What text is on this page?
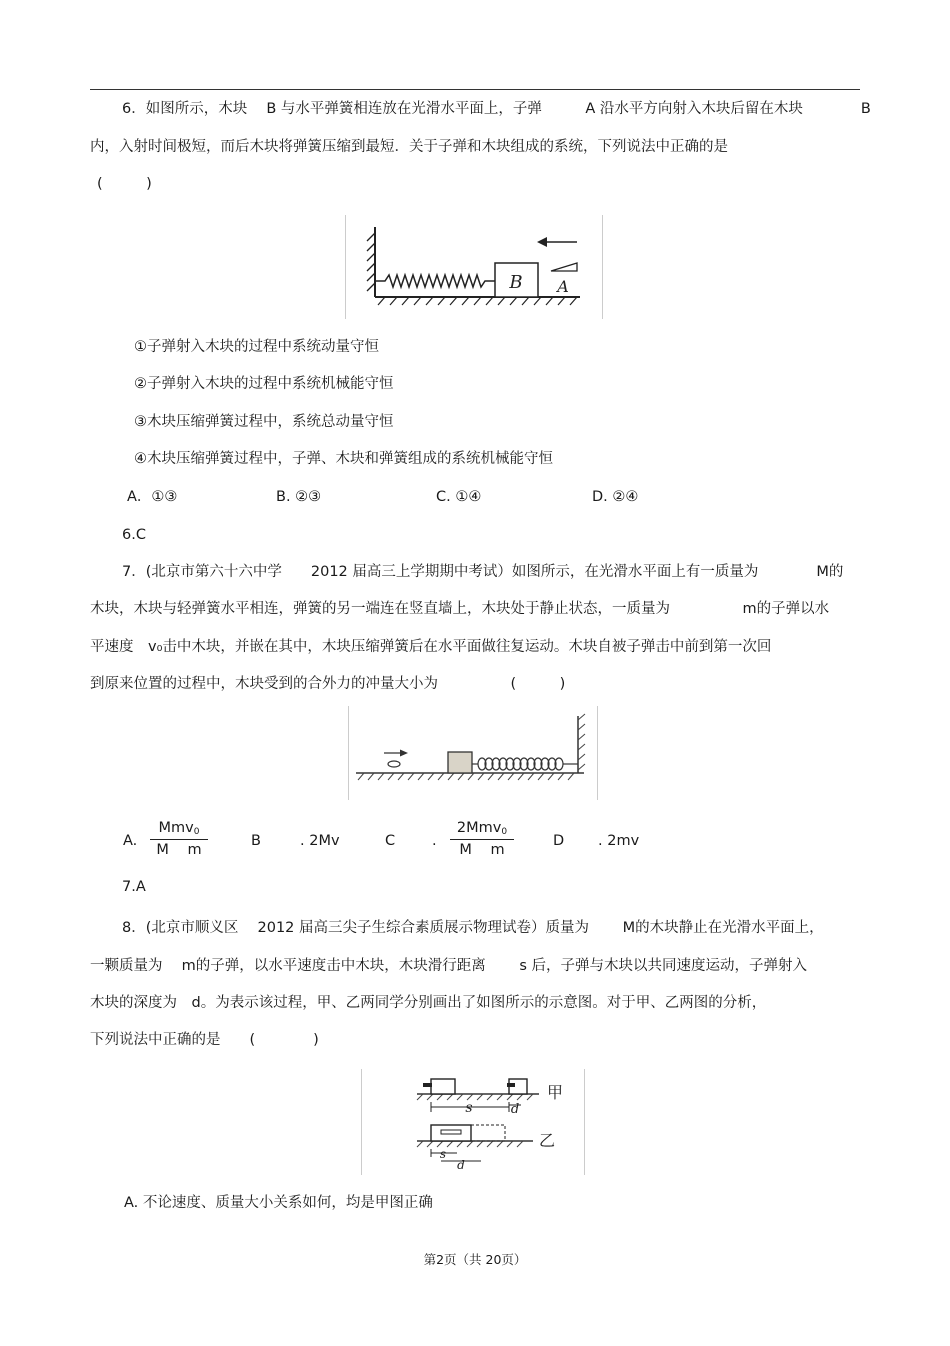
6．如图所示，木块　 B 与水平弹簧相连放在光滑水平面上，子弹　　　A 沿水平方向射入木块后留在木块　　　　B
内，入射时间极短，而后木块将弹簧压缩到最短．关于子弹和木块组成的系统，下列说法中正确的是
(　　　)
B A
①子弹射入木块的过程中系统动量守恒
②子弹射入木块的过程中系统机械能守恒
③木块压缩弹簧过程中，系统总动量守恒
④木块压缩弹簧过程中，子弹、木块和弹簧组成的系统机械能守恒
A．①③	B. ②③	C. ①④	D. ②④
6.C
7．(北京市第六十六中学　　2012 届高三上学期期中考试）如图所示，在光滑水平面上有一质量为　　　　M的
木块，木块与轻弹簧水平相连，弹簧的另一端连在竖直墙上，木块处于静止状态，一质量为　　　　　m的子弹以水
平速度　v₀击中木块，并嵌在其中，木块压缩弹簧后在水平面做往复运动。木块自被子弹击中前到第一次回
到原来位置的过程中，木块受到的合外力的冲量大小为　　　　　(　　　)
A.
Mmv$_0$
M m
B	. 2Mv	C	.
2Mmv$_0$
M m
D . 2mv
7.A
8．(北京市顺义区　 2012 届高三尖子生综合素质展示物理试卷）质量为　　 M的木块静止在光滑水平面上，
一颗质量为　 m的子弹，以水平速度击中木块，木块滑行距离　　 s 后，子弹与木块以共同速度运动，子弹射入
木块的深度为　d。为表示该过程，甲、乙两同学分别画出了如图所示的示意图。对于甲、乙两图的分析，
下列说法中正确的是　　(　　　　)
s	d
甲
s
d
乙
A. 不论速度、质量大小关系如何，均是甲图正确
第2页（共 20页）
